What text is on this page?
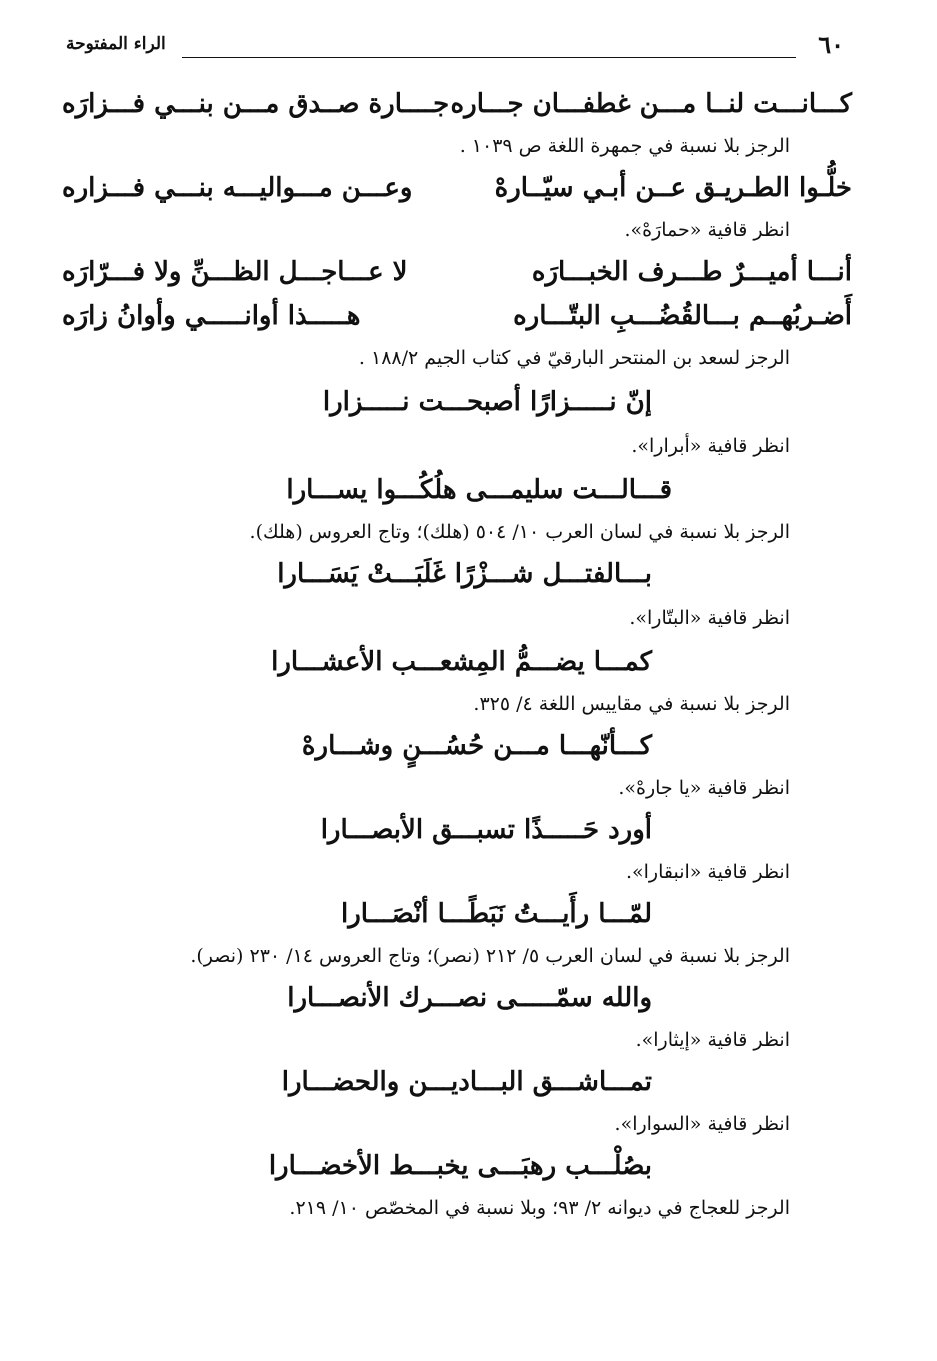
٦٠
الراء المفتوحة
كـــانـــت لنــا مـــن غطفـــان جـــاره
جــــارة صــدق مـــن بنـــي فـــزارَه
الرجز بلا نسبة في جمهرة اللغة ص ١٠٣٩ .
خلُّـوا الطـريـق عــن أبـي سيّــارهْ
وعـــن مـــواليـــه بنـــي فـــزاره
انظر قافية «حمارَهْ».
أنـــا أميـــرٌ طـــرف الخبـــارَه
لا عـــاجـــل الظـــنِّ ولا فـــرّارَه
أَضـربُهــم بـــالقُضُـــبِ البتّـــاره
هـــــذا أوانـــــي وأوانُ زارَه
الرجز لسعد بن المنتحر البارقيّ في كتاب الجيم ١٨٨/٢ .
إنّ نـــــزارًا أصبحـــت نـــــزارا
انظر قافية «أبرارا».
قـــالـــت سليمـــى هلُكُـــوا يســـارا
الرجز بلا نسبة في لسان العرب ١٠/ ٥٠٤ (هلك)؛ وتاج العروس (هلك).
بـــالفتـــل شـــزْرًا غَلَبَـــتْ يَسَـــارا
انظر قافية «البتّارا».
كمـــا يضـــمُّ المِشعـــب الأعشـــارا
الرجز بلا نسبة في مقاييس اللغة ٤/ ٣٢٥.
كـــأنّهـــا مـــن حُسُـــنٍ وشـــارهْ
انظر قافية «يا جارهْ».
أورد حَـــــذًا تسبـــق الأبصـــارا
انظر قافية «انبقارا».
لمّـــا رأَيـــتُ نَبَطًـــا أنْصَـــارا
الرجز بلا نسبة في لسان العرب ٥/ ٢١٢ (نصر)؛ وتاج العروس ١٤/ ٢٣٠ (نصر).
والله سمّـــــى نصـــرك الأنصـــارا
انظر قافية «إيثارا».
تمـــاشـــق البـــاديـــن والحضـــارا
انظر قافية «السوارا».
بصُلْـــب رهبَـــى يخبـــط الأخضـــارا
الرجز للعجاج في ديوانه ٢/ ٩٣؛ وبلا نسبة في المخصّص ١٠/ ٢١٩.
